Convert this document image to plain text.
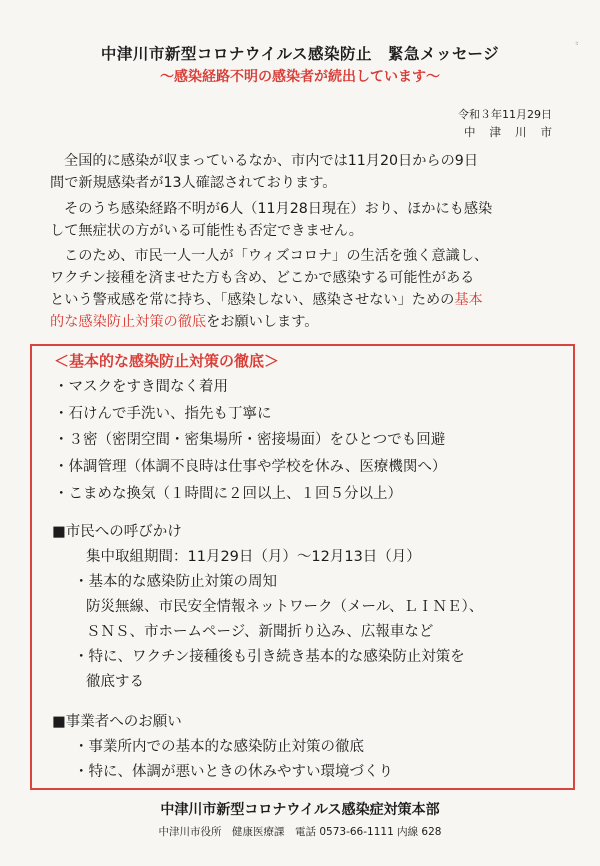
〟
中津川市新型コロナウイルス感染防止　緊急メッセージ
～感染経路不明の感染者が続出しています～
令和３年11月29日
中津川市
全国的に感染が収まっているなか、市内では11月20日からの9日
間で新規感染者が13人確認されております。
そのうち感染経路不明が6人（11月28日現在）おり、ほかにも感染
して無症状の方がいる可能性も否定できません。
このため、市民一人一人が「ウィズコロナ」の生活を強く意識し、
ワクチン接種を済ませた方も含め、どこかで感染する可能性がある
という警戒感を常に持ち、「感染しない、感染させない」ための基本
的な感染防止対策の徹底をお願いします。
＜基本的な感染防止対策の徹底＞
・マスクをすき間なく着用
・石けんで手洗い、指先も丁寧に
・３密（密閉空間・密集場所・密接場面）をひとつでも回避
・体調管理（体調不良時は仕事や学校を休み、医療機関へ）
・こまめな換気（１時間に２回以上、１回５分以上）
■市民への呼びかけ
集中取組期間：11月29日（月）～12月13日（月）
・基本的な感染防止対策の周知
防災無線、市民安全情報ネットワーク（メール、ＬＩＮＥ）、
ＳＮＳ、市ホームページ、新聞折り込み、広報車など
・特に、ワクチン接種後も引き続き基本的な感染防止対策を
徹底する
■事業者へのお願い
・事業所内での基本的な感染防止対策の徹底
・特に、体調が悪いときの休みやすい環境づくり
中津川市新型コロナウイルス感染症対策本部
中津川市役所　健康医療課　電話 0573-66-1111 内線 628
